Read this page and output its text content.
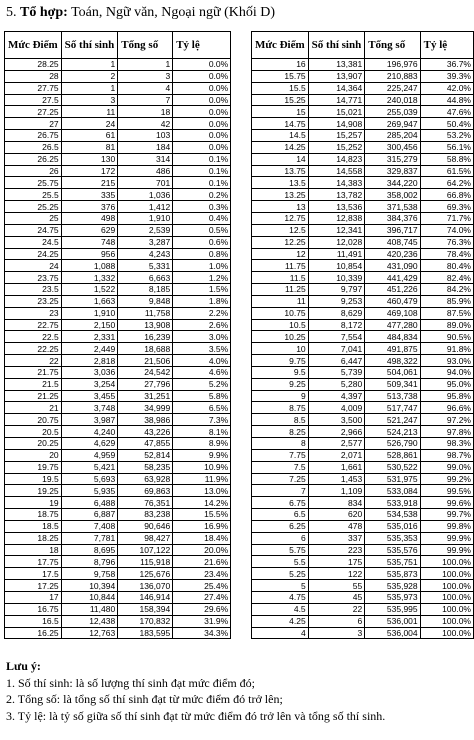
5. Tổ hợp: Toán, Ngữ văn, Ngoại ngữ (Khối D)
Mức Điểm	Số thí sinh	Tổng số	Tỷ lệ
28.25	1	1	0.0%
28	2	3	0.0%
27.75	1	4	0.0%
27.5	3	7	0.0%
27.25	11	18	0.0%
27	24	42	0.0%
26.75	61	103	0.0%
26.5	81	184	0.0%
26.25	130	314	0.1%
26	172	486	0.1%
25.75	215	701	0.1%
25.5	335	1,036	0.2%
25.25	376	1,412	0.3%
25	498	1,910	0.4%
24.75	629	2,539	0.5%
24.5	748	3,287	0.6%
24.25	956	4,243	0.8%
24	1,088	5,331	1.0%
23.75	1,332	6,663	1.2%
23.5	1,522	8,185	1.5%
23.25	1,663	9,848	1.8%
23	1,910	11,758	2.2%
22.75	2,150	13,908	2.6%
22.5	2,331	16,239	3.0%
22.25	2,449	18,688	3.5%
22	2,818	21,506	4.0%
21.75	3,036	24,542	4.6%
21.5	3,254	27,796	5.2%
21.25	3,455	31,251	5.8%
21	3,748	34,999	6.5%
20.75	3,987	38,986	7.3%
20.5	4,240	43,226	8.1%
20.25	4,629	47,855	8.9%
20	4,959	52,814	9.9%
19.75	5,421	58,235	10.9%
19.5	5,693	63,928	11.9%
19.25	5,935	69,863	13.0%
19	6,488	76,351	14.2%
18.75	6,887	83,238	15.5%
18.5	7,408	90,646	16.9%
18.25	7,781	98,427	18.4%
18	8,695	107,122	20.0%
17.75	8,796	115,918	21.6%
17.5	9,758	125,676	23.4%
17.25	10,394	136,070	25.4%
17	10,844	146,914	27.4%
16.75	11,480	158,394	29.6%
16.5	12,438	170,832	31.9%
16.25	12,763	183,595	34.3%
Mức Điểm	Số thí sinh	Tổng số	Tỷ lệ
16	13,381	196,976	36.7%
15.75	13,907	210,883	39.3%
15.5	14,364	225,247	42.0%
15.25	14,771	240,018	44.8%
15	15,021	255,039	47.6%
14.75	14,908	269,947	50.4%
14.5	15,257	285,204	53.2%
14.25	15,252	300,456	56.1%
14	14,823	315,279	58.8%
13.75	14,558	329,837	61.5%
13.5	14,383	344,220	64.2%
13.25	13,782	358,002	66.8%
13	13,536	371,538	69.3%
12.75	12,838	384,376	71.7%
12.5	12,341	396,717	74.0%
12.25	12,028	408,745	76.3%
12	11,491	420,236	78.4%
11.75	10,854	431,090	80.4%
11.5	10,339	441,429	82.4%
11.25	9,797	451,226	84.2%
11	9,253	460,479	85.9%
10.75	8,629	469,108	87.5%
10.5	8,172	477,280	89.0%
10.25	7,554	484,834	90.5%
10	7,041	491,875	91.8%
9.75	6,447	498,322	93.0%
9.5	5,739	504,061	94.0%
9.25	5,280	509,341	95.0%
9	4,397	513,738	95.8%
8.75	4,009	517,747	96.6%
8.5	3,500	521,247	97.2%
8.25	2,966	524,213	97.8%
8	2,577	526,790	98.3%
7.75	2,071	528,861	98.7%
7.5	1,661	530,522	99.0%
7.25	1,453	531,975	99.2%
7	1,109	533,084	99.5%
6.75	834	533,918	99.6%
6.5	620	534,538	99.7%
6.25	478	535,016	99.8%
6	337	535,353	99.9%
5.75	223	535,576	99.9%
5.5	175	535,751	100.0%
5.25	122	535,873	100.0%
5	55	535,928	100.0%
4.75	45	535,973	100.0%
4.5	22	535,995	100.0%
4.25	6	536,001	100.0%
4	3	536,004	100.0%
Lưu ý:
1. Số thí sinh: là số lượng thí sinh đạt mức điểm đó;
2. Tổng số: là tổng số thí sinh đạt từ mức điểm đó trở lên;
3. Tỷ lệ: là tỷ số giữa số thí sinh đạt từ mức điểm đó trở lên và tổng số thí sinh.
